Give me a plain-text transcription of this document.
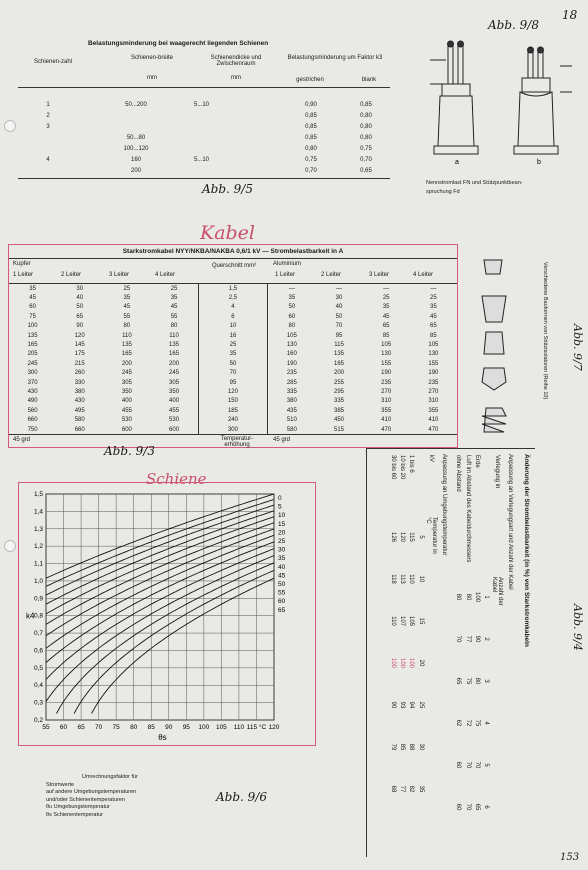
Belastungsminderung bei waagerecht liegenden Schienen
Schienen-zahl
Schienen-breite
mm
Schienendicke und Zwischenraum
mm
Belastungsminderung um Faktor k3
gestrichen	blank
1	50...200	5...10	0,90	0,85
2			0,85	0,80
3			0,85	0,80
	50...80		0,85	0,80
	100...120		0,80	0,75
4	160	5...10	0,75	0,70
	200		0,70	0,65
Abb. 9/5
Abb. 9/8
18
a	b
Nennstromlast FN und Stützpunktbean-
spruchung Fd
Kabel
Starkstromkabel NYY/NKBA/NAKBA 0,6/1 kV — Strombelastbarkeit in A
Kupfer	Querschnitt mm²	Aluminium
1 Leiter	1 Leiter
2 Leiter	2 Leiter
3 Leiter	3 Leiter
4 Leiter	4 Leiter
35	30	25	25	1,5	—	—	—	—
45	40	35	35	2,5	35	30	25	25
60	50	45	45	4	50	40	35	35
75	65	55	55	6	60	50	45	45
100	90	80	80	10	80	70	65	65
135	120	110	110	16	105	95	85	85
165	145	135	135	25	130	115	105	105
205	175	165	165	35	160	135	130	130
245	215	200	200	50	190	165	155	155
300	260	245	245	70	235	200	190	190
370	330	305	305	95	285	255	235	235
430	380	350	350	120	335	295	270	270
490	430	400	400	150	380	335	310	310
560	495	455	455	185	435	385	355	355
660	580	530	530	240	510	450	410	410
750	660	600	600	300	580	515	470	470
45 grd	Temperatur-erhöhung
45 grd
Abb. 9/3
Verschiedene Bauformen von Stützisolatoren (Reihe 10) Abb. 9/7
Schiene
55 60 65 70 75 80 85 90 95 100 105 110 115 °C 120
1,5
1,4
1,3
1,2
1,1
1,0
0,9
0,8
0,7
0,6
0,5
0,4
0,3
0,2
k4
θs
0
5
10
15
20
25
30
35
40
45
50
55
60
65
Abb. 9/6
Umrechnungsfaktor für
Stromwerte
auf andere Umgebungstemperaturen
und/oder Schienentemperaturen
θu Umgebungstemperatur
θs Schienentemperatur
Änderung der Strombelastbarkeit (in %) von Starkstromkabeln
Anpassung an Verlegungsart und Anzahl der Kabel
Verlegung in	Anzahl der Kabel					
	1	2	3	4	5	6
Erde	100	90	80	75	70	65
Luft im Abstand des Kabeldurchmessers	80	77	75	72	70	70
ohne Abstand	80	70	65	62	60	60
Anpassung an Umgebungstemperatur
kV	Temperatur in °C						
	5	10	15	20	25	30	35
1 bis 6	115	110	105	100	94	88	82
10 bis 20	120	113	107	100	93	85	77
30 bis 60	126	118	110	100	90	79	68
Abb. 9/4
153
